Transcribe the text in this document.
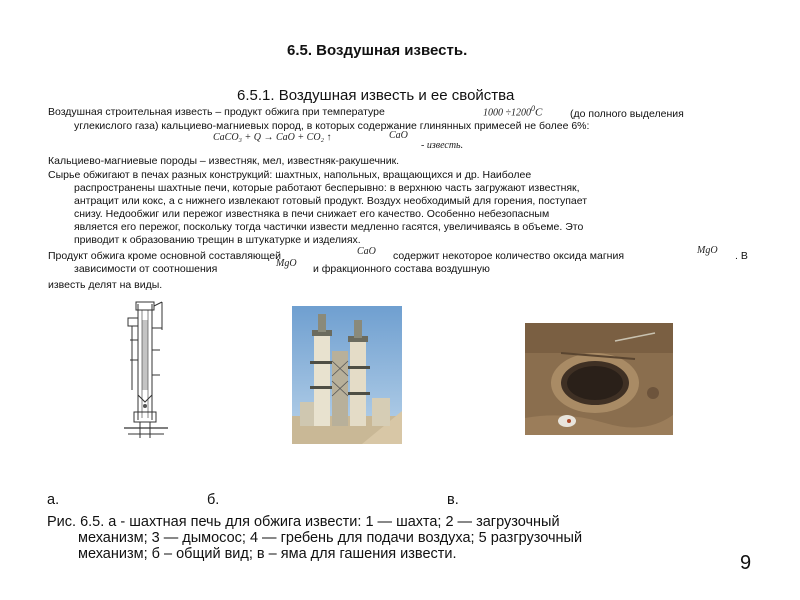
6.5. Воздушная известь.
6.5.1. Воздушная известь и ее свойства
Воздушная строительная известь – продукт обжига при температуре	$1000 \div 1200^0C$	(до полного выделения
углекислого газа) кальциево-магниевых пород, в которых содержание глинянных примесей не более 6%:
CaCO₃ + Q → CaO + CO₂ ↑	CaO
- известь.
Кальциево-магниевые породы – известняк, мел, известняк-ракушечник.
Сырье обжигают в печах разных конструкций: шахтных, напольных, вращающихся и др. Наиболее
распространены шахтные печи, которые работают бесперывно: в верхнюю часть загружают известняк,
антрацит или кокс, а с нижнего извлекают готовый продукт. Воздух необходимый для горения, поступает
снизу. Недообжиг или пережог известняка в печи снижает его качество. Особенно небезопасным
является его пережог, поскольку тогда частички извести медленно гасятся, увеличиваясь в объеме. Это
приводит к образованию трещин в штукатурке и изделиях.
Продукт обжига кроме основной составляющей	CaO содержит некоторое количество оксида магния	MgO . В
зависимости от соотношения	MgO и фракционного состава воздушную
известь делят на виды.
а.	б.	в.
Рис. 6.5. а - шахтная печь для обжига извести: 1 — шахта; 2 — загрузочный
механизм; 3 — дымосос; 4 — гребень для подачи воздуха; 5 разгрузочный
механизм; б – общий вид; в – яма для гашения извести.	9
